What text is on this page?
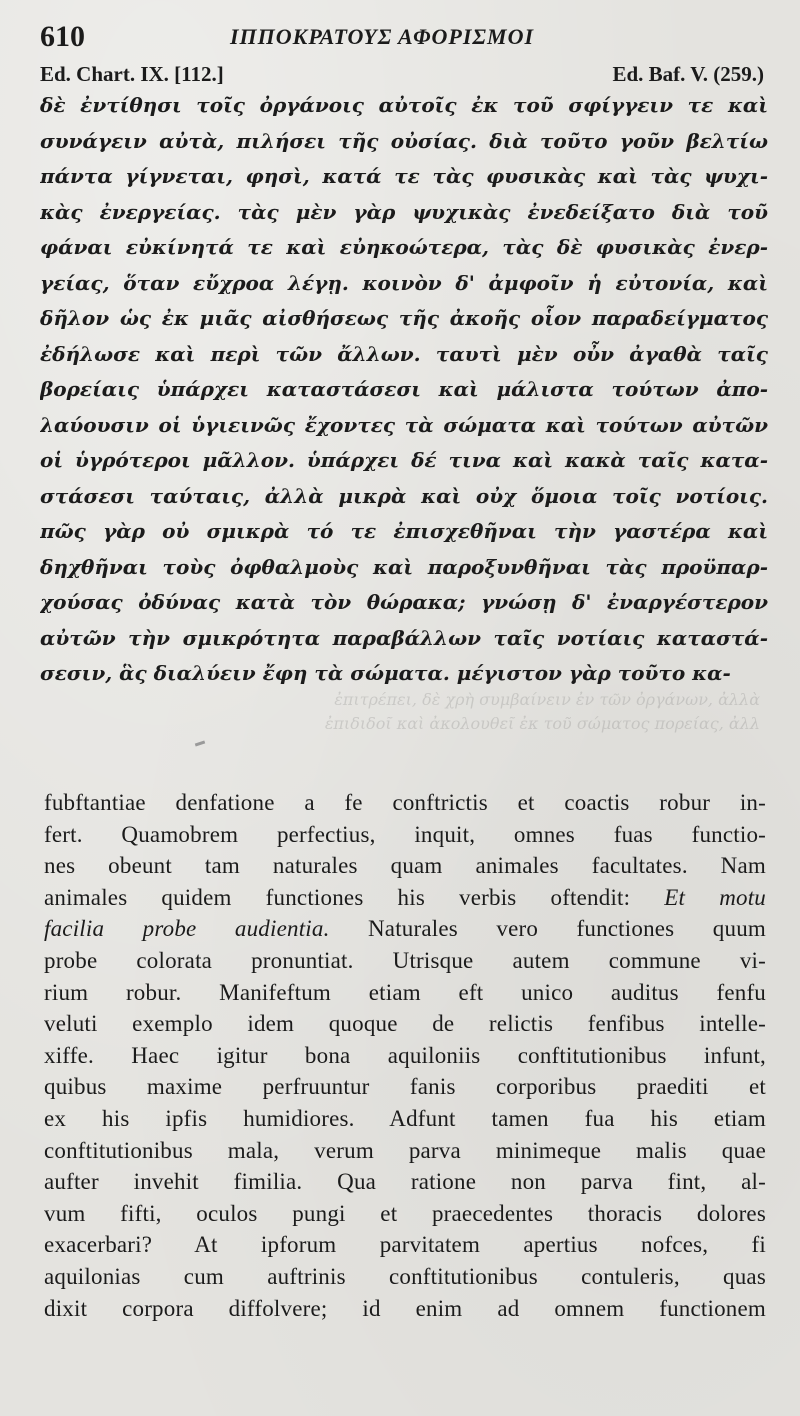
610	ΙΠΠΟΚΡΑΤΟΥΣ ΑΦΟΡΙΣΜΟΙ
Ed. Chart. IX. [112.]	Ed. Baf. V. (259.)
δὲ ἐντίθησι τοῖς ὀργάνοις αὐτοῖς ἐκ τοῦ σφίγγειν τε καὶ
συνάγειν αὐτὰ, πιλήσει τῆς οὐσίας. διὰ τοῦτο γοῦν βελτίω
πάντα γίγνεται, φησὶ, κατά τε τὰς φυσικὰς καὶ τὰς ψυχι-
κὰς ἐνεργείας. τὰς μὲν γὰρ ψυχικὰς ἐνεδείξατο διὰ τοῦ
φάναι εὐκίνητά τε καὶ εὐηκοώτερα, τὰς δὲ φυσικὰς ἐνερ-
γείας, ὅταν εὔχροα λέγῃ. κοινὸν δ' ἀμφοῖν ἡ εὐτονία, καὶ
δῆλον ὡς ἐκ μιᾶς αἰσθήσεως τῆς ἀκοῆς οἷον παραδείγματος
ἐδήλωσε καὶ περὶ τῶν ἄλλων. ταυτὶ μὲν οὖν ἀγαθὰ ταῖς
βορείαις ὑπάρχει καταστάσεσι καὶ μάλιστα τούτων ἀπο-
λαύουσιν οἱ ὑγιεινῶς ἔχοντες τὰ σώματα καὶ τούτων αὐτῶν
οἱ ὑγρότεροι μᾶλλον. ὑπάρχει δέ τινα καὶ κακὰ ταῖς κατα-
στάσεσι ταύταις, ἀλλὰ μικρὰ καὶ οὐχ ὅμοια τοῖς νοτίοις.
πῶς γὰρ οὐ σμικρὰ τό τε ἐπισχεθῆναι τὴν γαστέρα καὶ
δηχθῆναι τοὺς ὀφθαλμοὺς καὶ παροξυνθῆναι τὰς προϋπαρ-
χούσας ὀδύνας κατὰ τὸν θώρακα; γνώσῃ δ' ἐναργέστερον
αὐτῶν τὴν σμικρότητα παραβάλλων ταῖς νοτίαις καταστά-
σεσιν, ἃς διαλύειν ἔφη τὰ σώματα. μέγιστον γὰρ τοῦτο κα-
ἐπιτρέπει, δὲ χρὴ συμβαίνειν ἐν τῶν ὀργάνων, ἀλλὰ
ἐπιδιδοῖ καὶ ἀκολουθεῖ ἐκ τοῦ σώματος πορείας, ἀλλ
fubftantiae denfatione a fe conftrictis et coactis robur in-
fert. Quamobrem perfectius, inquit, omnes fuas functio-
nes obeunt tam naturales quam animales facultates. Nam
animales quidem functiones his verbis oftendit: Et motu
facilia probe audientia. Naturales vero functiones quum
probe colorata pronuntiat. Utrisque autem commune vi-
rium robur. Manifeftum etiam eft unico auditus fenfu
veluti exemplo idem quoque de relictis fenfibus intelle-
xiffe. Haec igitur bona aquiloniis conftitutionibus infunt,
quibus maxime perfruuntur fanis corporibus praediti et
ex his ipfis humidiores. Adfunt tamen fua his etiam
conftitutionibus mala, verum parva minimeque malis quae
aufter invehit fimilia. Qua ratione non parva fint, al-
vum fifti, oculos pungi et praecedentes thoracis dolores
exacerbari? At ipforum parvitatem apertius nofces, fi
aquilonias cum auftrinis conftitutionibus contuleris, quas
dixit corpora diffolvere; id enim ad omnem functionem
